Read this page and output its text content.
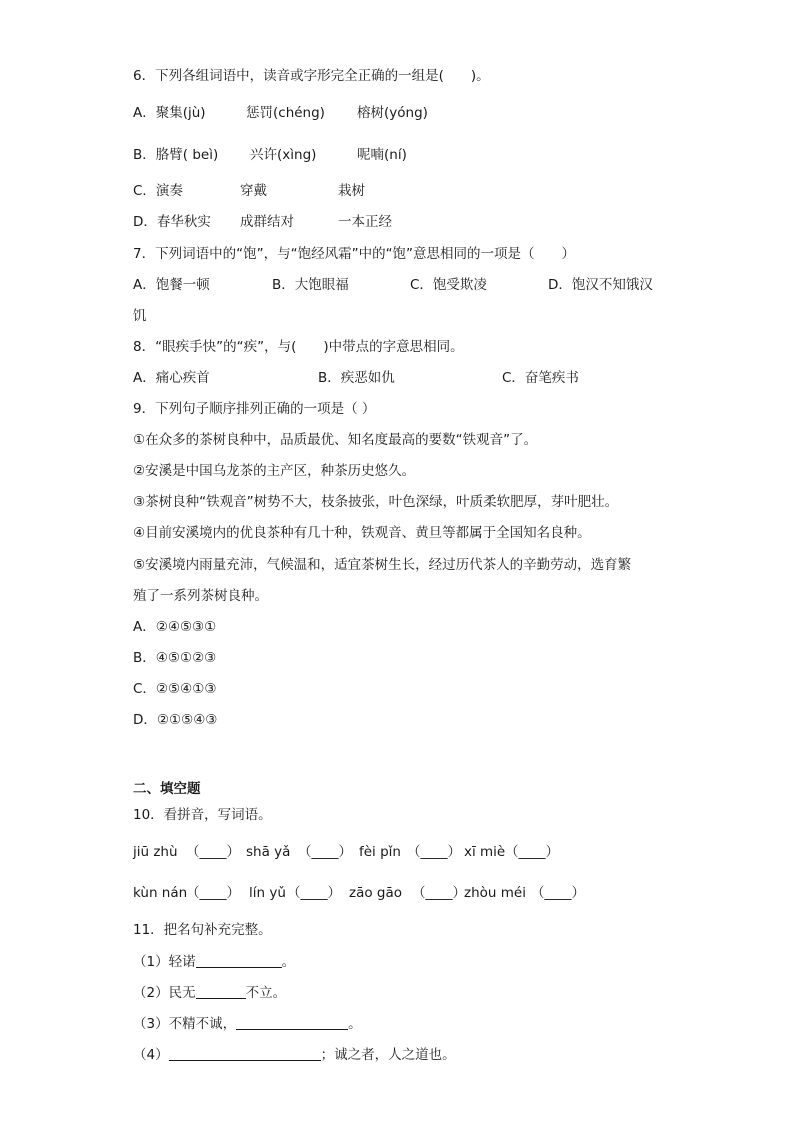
6．下列各组词语中，读音或字形完全正确的一组是(　　)。
A．聚集(jù)	惩罚(chéng) 榕树(yóng)
B．胳臂( beì) 兴许(xìng)	呢喃(ní)
C．演奏	穿戴	栽树
D．春华秋实 成群结对	一本正经
7．下列词语中的“饱”，与“饱经风霜”中的“饱”意思相同的一项是（　　）
A．饱餐一顿	B．大饱眼福	C．饱受欺凌	D．饱汉不知饿汉
饥
8．“眼疾手快”的“疾”，与(　　)中带点的字意思相同。
A．痛心疾首	B．疾恶如仇	C．奋笔疾书
9．下列句子顺序排列正确的一项是（ ）
①在众多的茶树良种中，品质最优、知名度最高的要数“铁观音”了。
②安溪是中国乌龙茶的主产区，种茶历史悠久。
③茶树良种“铁观音”树势不大，枝条披张，叶色深绿，叶质柔软肥厚，芽叶肥壮。
④目前安溪境内的优良茶种有几十种，铁观音、黄旦等都属于全国知名良种。
⑤安溪境内雨量充沛，气候温和，适宜茶树生长，经过历代茶人的辛勤劳动，选育繁
殖了一系列茶树良种。
A．②④⑤③①
B．④⑤①②③
C．②⑤④①③
D．②①⑤④③
二、填空题
10．看拼音，写词语。
jiū zhù （____） shā yǎ （____） fèi pǐn （____） xī miè （____）
kùn nán
（____） lín yǔ （____） zāo gāo （____）
zhòu méi （____）
11．把名句补充完整。
（1）轻诺	。
（2）民无	不立。
（3）不精不诚，	。
（4）	；诚之者，人之道也。
